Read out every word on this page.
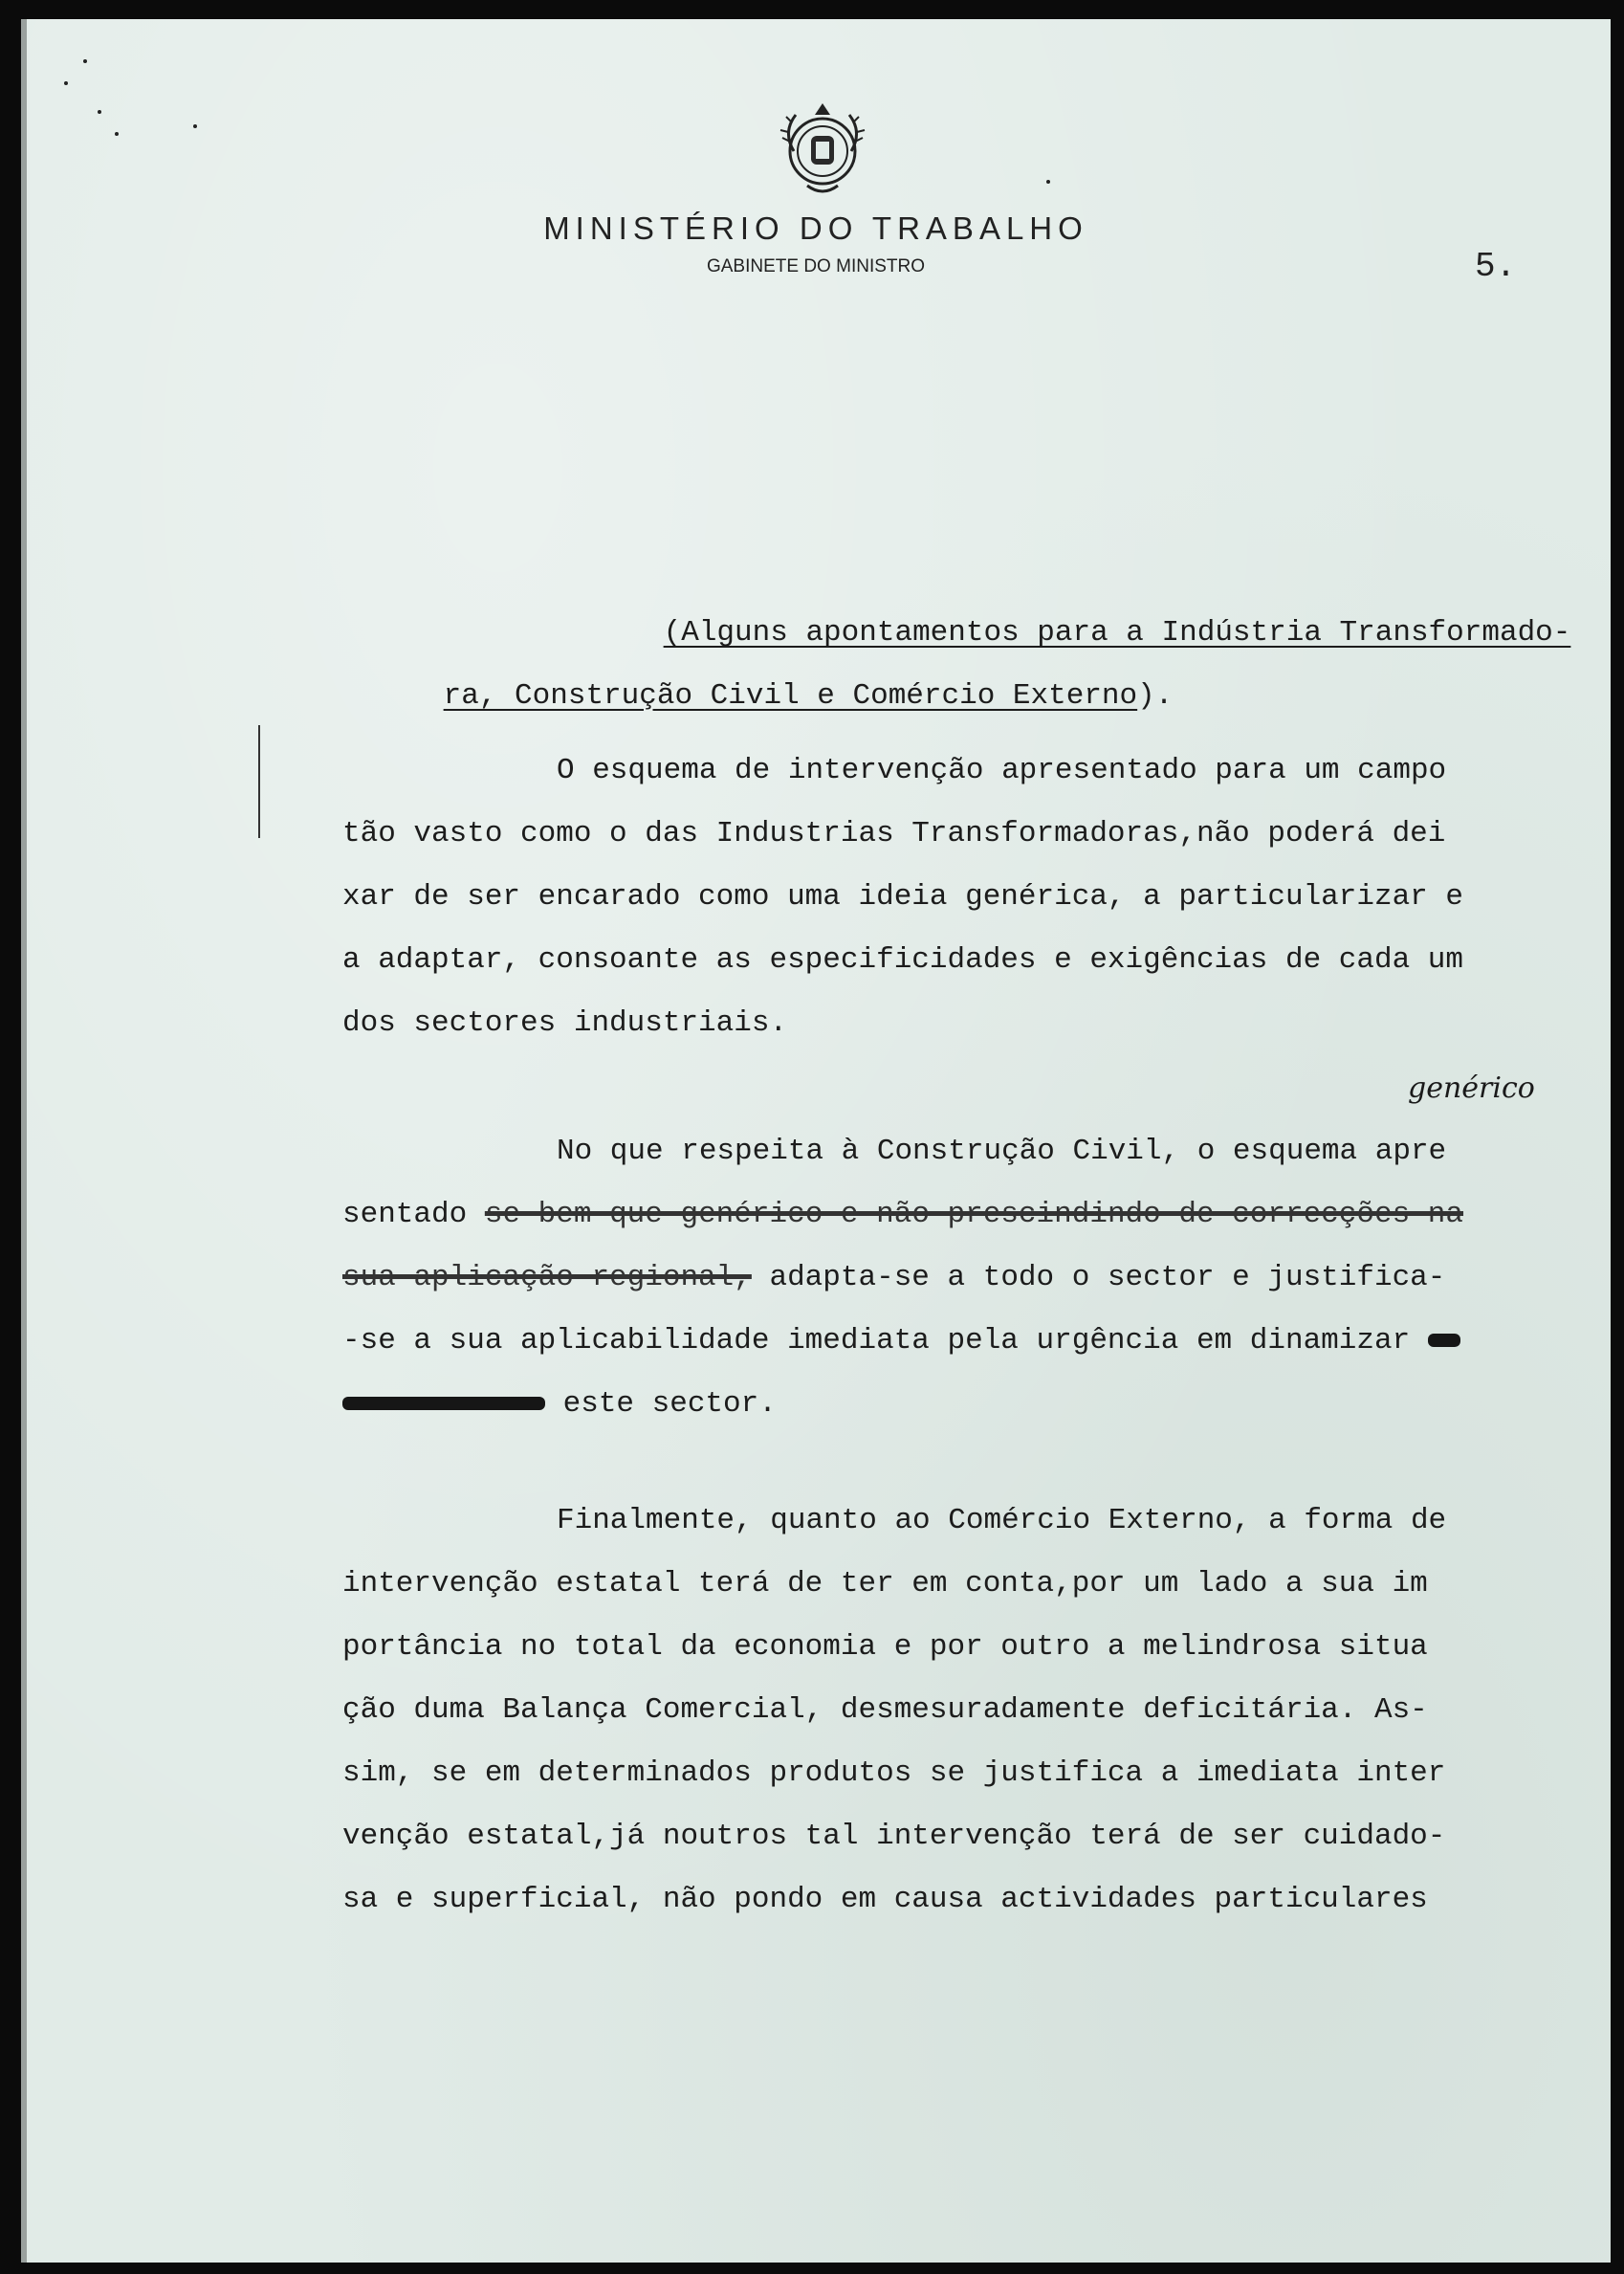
MINISTÉRIO DO TRABALHO
GABINETE DO MINISTRO	5.

(Alguns apontamentos para a Indústria Transformado-

ra, Construção Civil e Comércio Externo).

O esquema de intervenção apresentado para um campo
tão vasto como o das Industrias Transformadoras,não poderá dei
xar de ser encarado como uma ideia genérica, a particularizar e
a adaptar, consoante as especificidades e exigências de cada um
dos sectores industriais.
genérico
No que respeita à Construção Civil, o esquema apre
sentado se bem que genérico e não prescindindo de correcções na
sua aplicação regional, adapta-se a todo o sector e justifica-
-se a sua aplicabilidade imediata pela urgência em dinamizar
este sector.
Finalmente, quanto ao Comércio Externo, a forma de
intervenção estatal terá de ter em conta,por um lado a sua im
portância no total da economia e por outro a melindrosa situa
ção duma Balança Comercial, desmesuradamente deficitária. As-
sim, se em determinados produtos se justifica a imediata inter
venção estatal,já noutros tal intervenção terá de ser cuidado-
sa e superficial, não pondo em causa actividades particulares
